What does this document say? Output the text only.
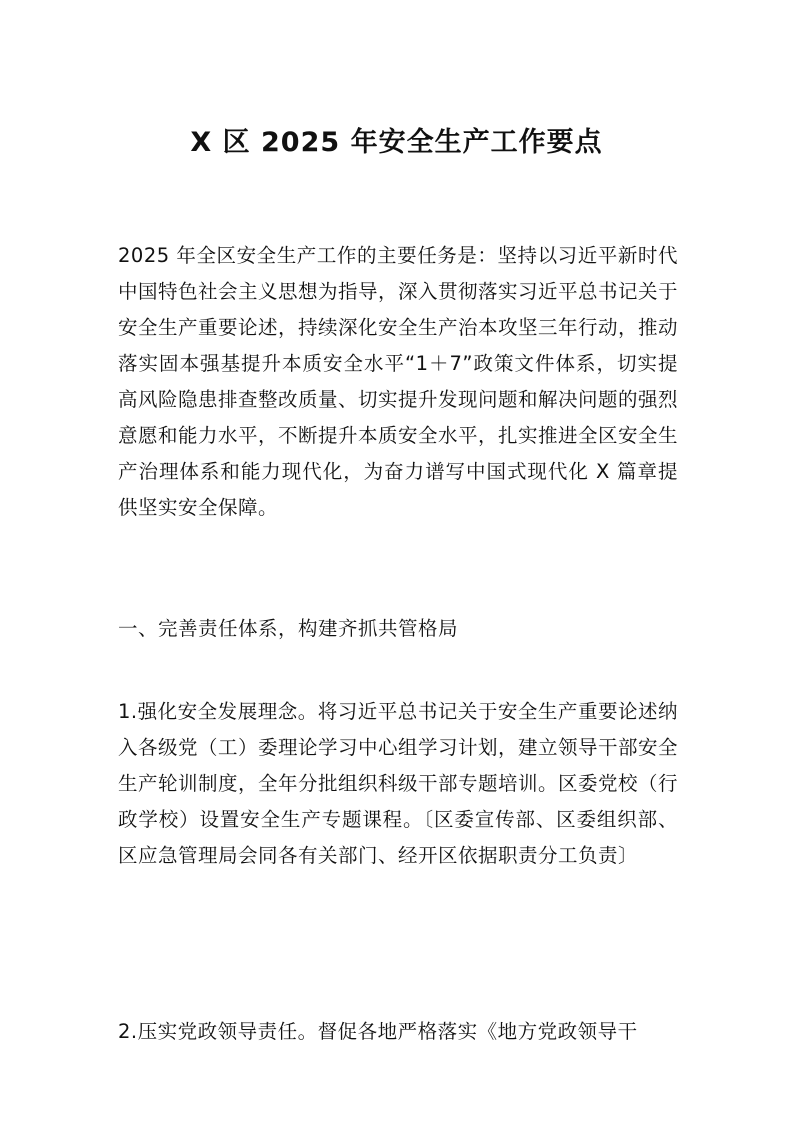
X 区 2025 年安全生产工作要点

2025 年全区安全生产工作的主要任务是：坚持以习近平新时代中国特色社会主义思想为指导，深入贯彻落实习近平总书记关于安全生产重要论述，持续深化安全生产治本攻坚三年行动，推动落实固本强基提升本质安全水平“1＋7”政策文件体系，切实提高风险隐患排查整改质量、切实提升发现问题和解决问题的强烈意愿和能力水平，不断提升本质安全水平，扎实推进全区安全生产治理体系和能力现代化，为奋力谱写中国式现代化 X 篇章提供坚实安全保障。

一、完善责任体系，构建齐抓共管格局

1.强化安全发展理念。将习近平总书记关于安全生产重要论述纳入各级党（工）委理论学习中心组学习计划，建立领导干部安全生产轮训制度，全年分批组织科级干部专题培训。区委党校（行政学校）设置安全生产专题课程。〔区委宣传部、区委组织部、区应急管理局会同各有关部门、经开区依据职责分工负责〕

2.压实党政领导责任。督促各地严格落实《地方党政领导干
